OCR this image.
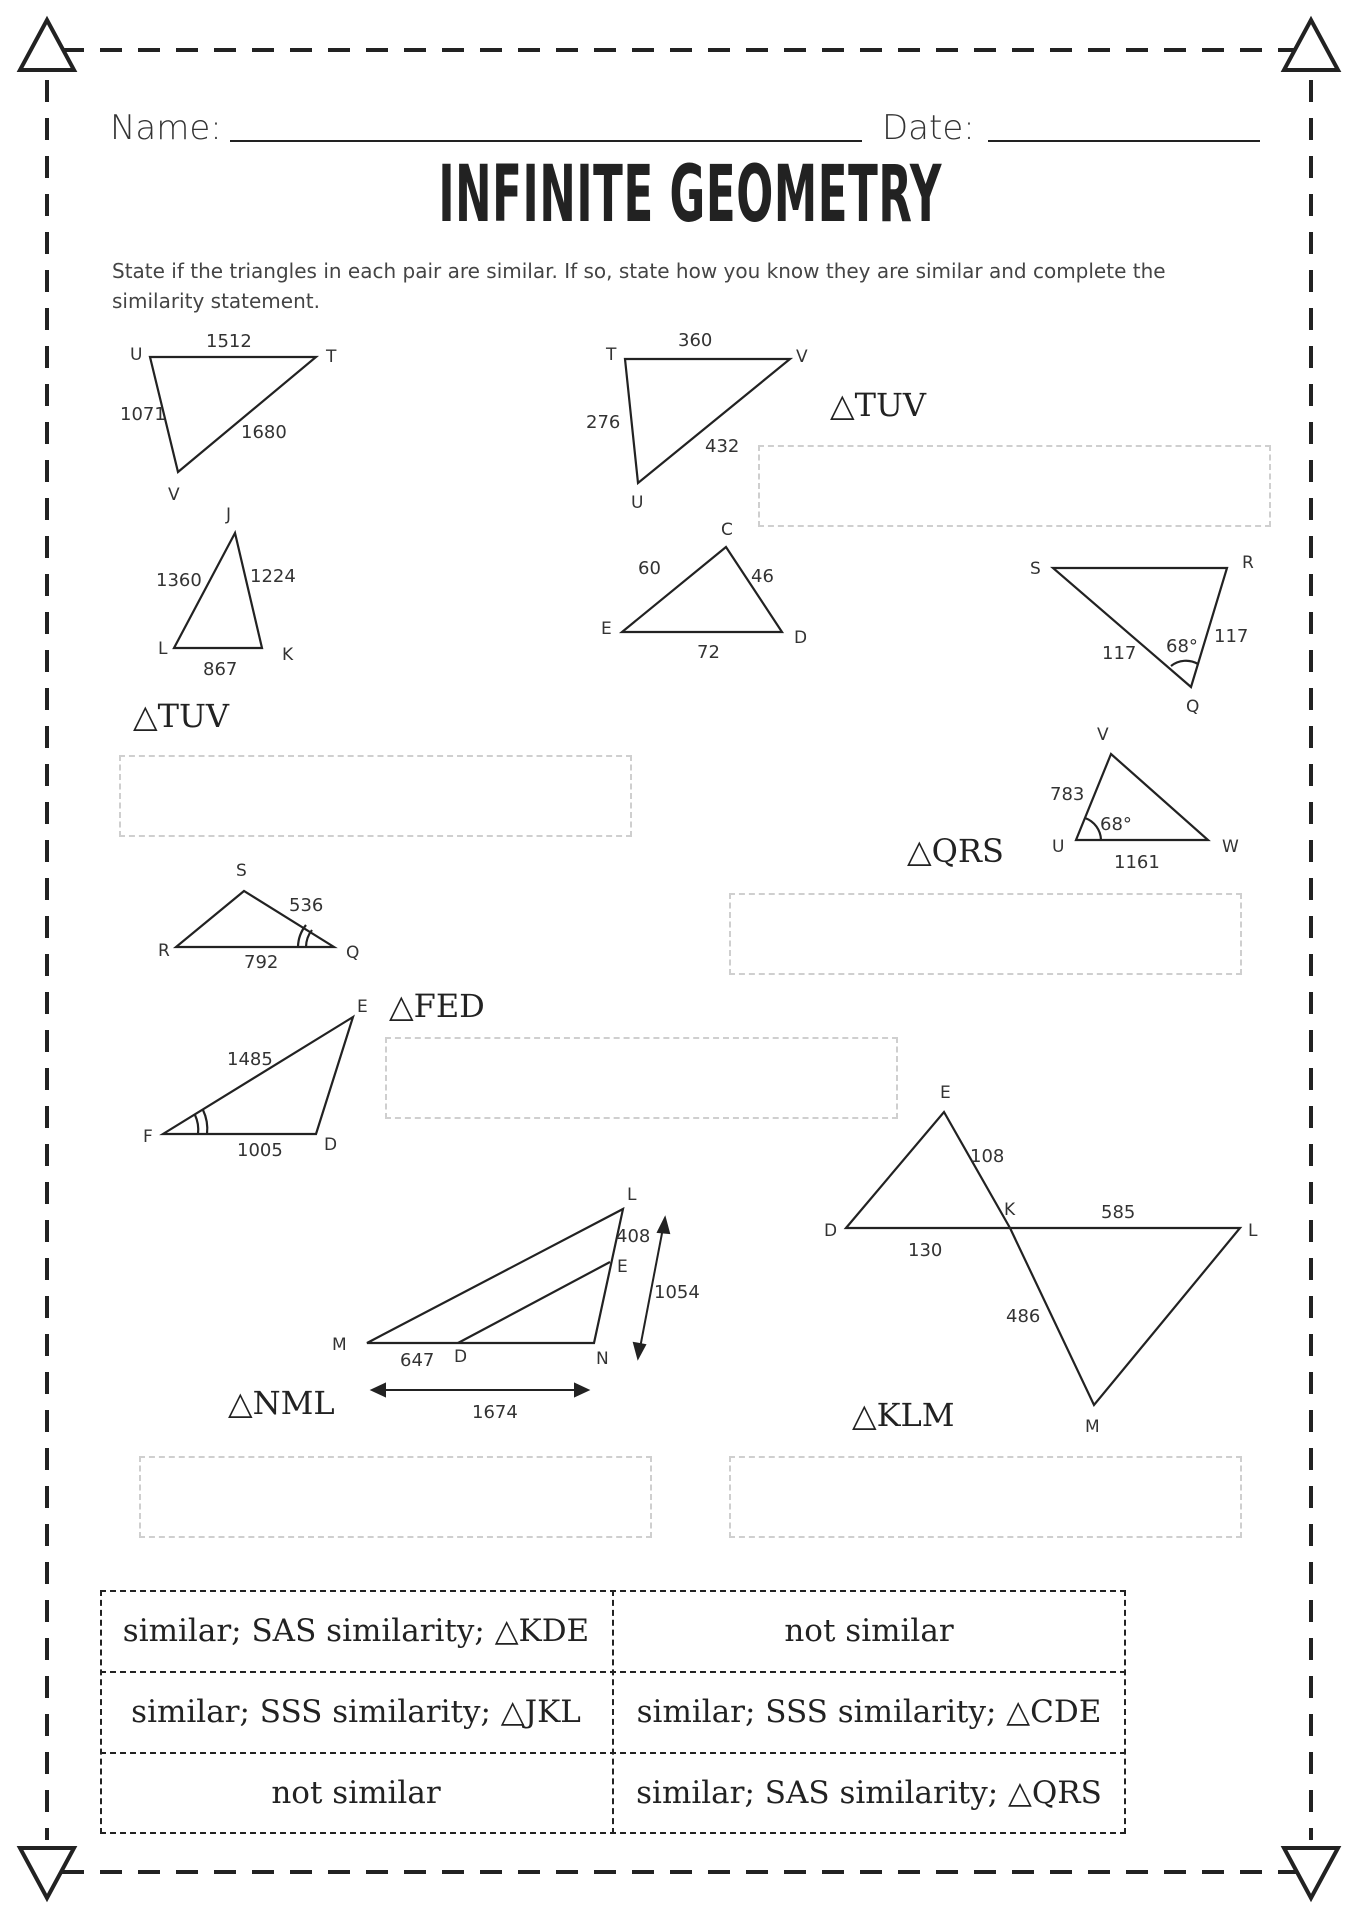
Name:	Date:
INFINITE GEOMETRY
State if the triangles in each pair are similar. If so, state how you know they are similar and complete the similarity statement.
U	T
V
1512
1071
1680
T	V
U
360
276
432
J
L	K
1360	1224
867
C
E	D
60	46
72
S	R
Q
117
117
68°
V
U	W
783
1161
68°
S
R	Q
536
792
E
F	D
1485
1005
L
E
M
D	N
408
1054
647
1674
E
D
K
L
M
108
585
130
486
△TUV
△TUV
△QRS
△FED
△NML	△KLM
similar; SAS similarity; △KDE	not similar
similar; SSS similarity; △JKL	similar; SSS similarity; △CDE
not similar	similar; SAS similarity; △QRS
